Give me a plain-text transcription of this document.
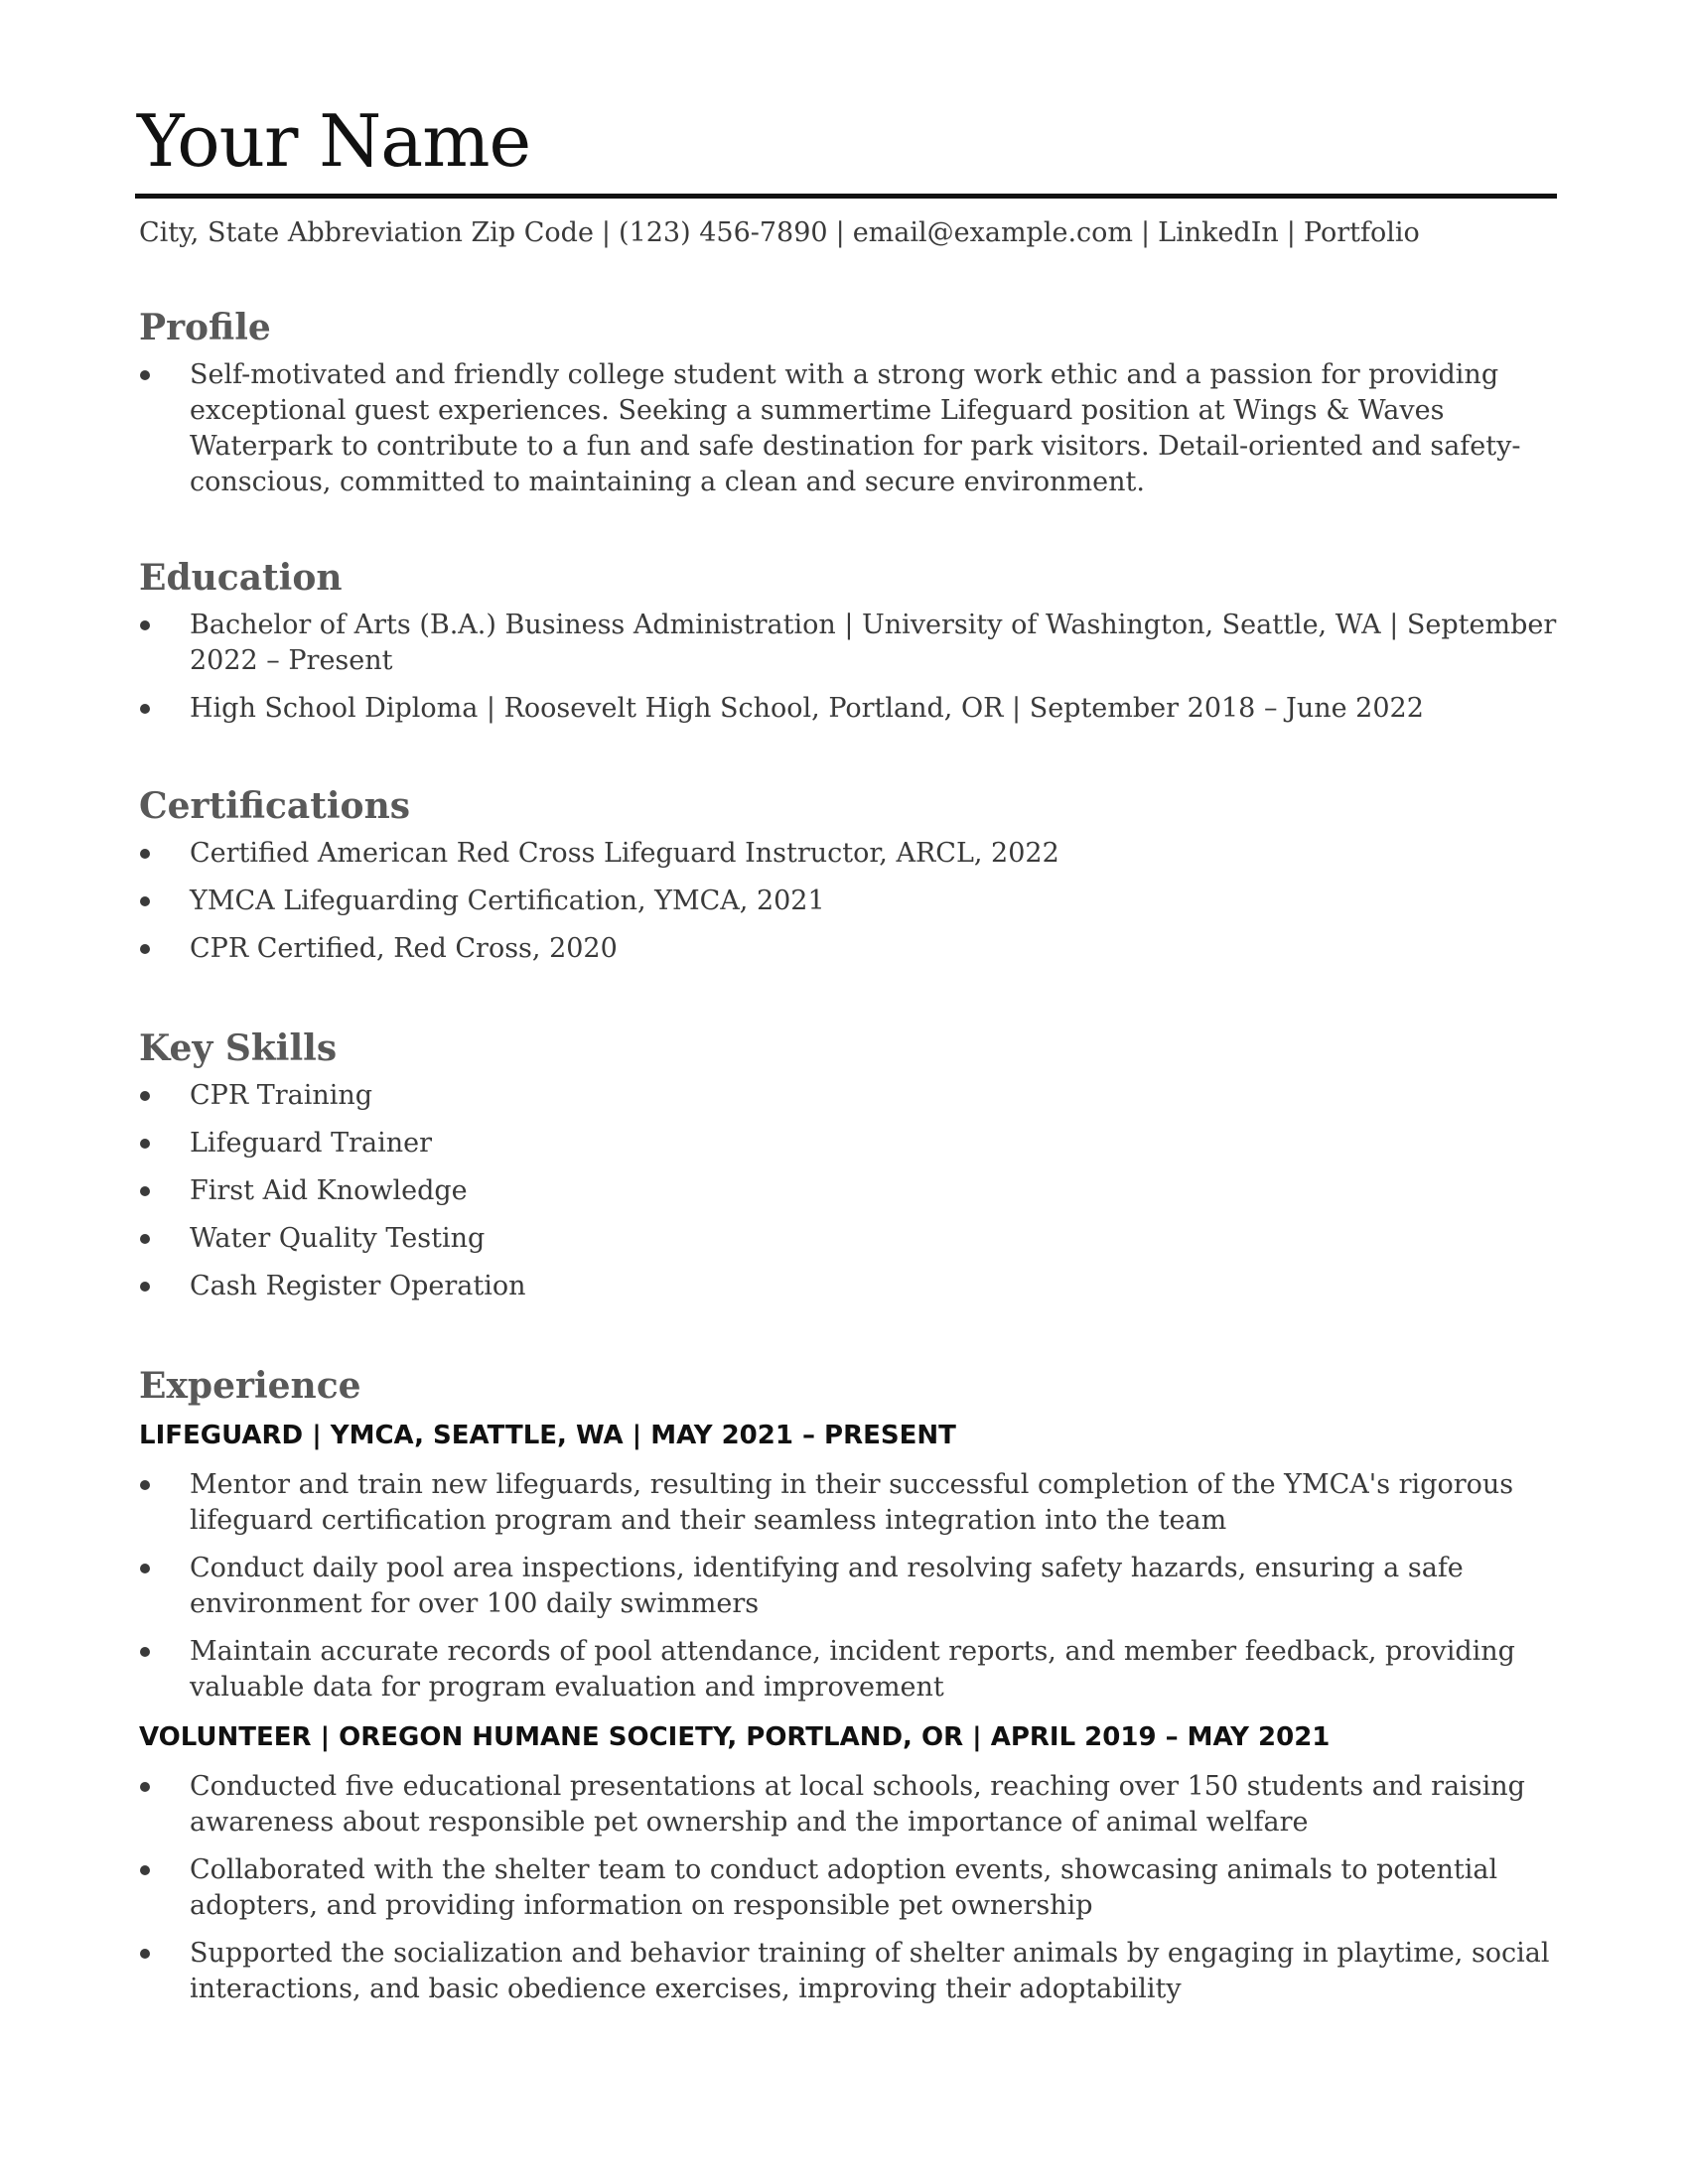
Your Name
City, State Abbreviation Zip Code | (123) 456-7890 | email@example.com | LinkedIn | Portfolio
Profile
Self-motivated and friendly college student with a strong work ethic and a passion for providing exceptional guest experiences. Seeking a summertime Lifeguard position at Wings & Waves Waterpark to contribute to a fun and safe destination for park visitors. Detail-oriented and safety-conscious, committed to maintaining a clean and secure environment.
Education
Bachelor of Arts (B.A.) Business Administration | University of Washington, Seattle, WA | September 2022 – Present
High School Diploma | Roosevelt High School, Portland, OR | September 2018 – June 2022
Certifications
Certified American Red Cross Lifeguard Instructor, ARCL, 2022
YMCA Lifeguarding Certification, YMCA, 2021
CPR Certified, Red Cross, 2020
Key Skills
CPR Training
Lifeguard Trainer
First Aid Knowledge
Water Quality Testing
Cash Register Operation
Experience
LIFEGUARD | YMCA, SEATTLE, WA | MAY 2021 – PRESENT
Mentor and train new lifeguards, resulting in their successful completion of the YMCA's rigorous lifeguard certification program and their seamless integration into the team
Conduct daily pool area inspections, identifying and resolving safety hazards, ensuring a safe environment for over 100 daily swimmers
Maintain accurate records of pool attendance, incident reports, and member feedback, providing valuable data for program evaluation and improvement
VOLUNTEER | OREGON HUMANE SOCIETY, PORTLAND, OR | APRIL 2019 – MAY 2021
Conducted five educational presentations at local schools, reaching over 150 students and raising awareness about responsible pet ownership and the importance of animal welfare
Collaborated with the shelter team to conduct adoption events, showcasing animals to potential adopters, and providing information on responsible pet ownership
Supported the socialization and behavior training of shelter animals by engaging in playtime, social interactions, and basic obedience exercises, improving their adoptability
